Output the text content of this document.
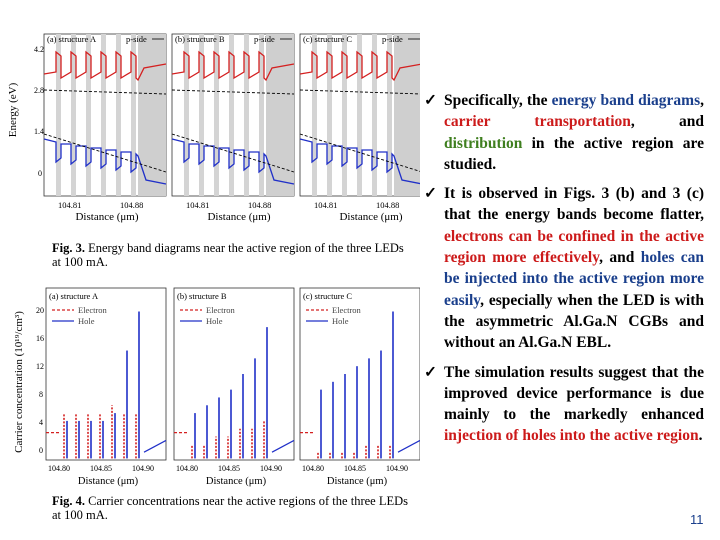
Energy (eV)
4.2
2.8
1.4
0
(a) structure A	p-side
104.81	104.88
(b) structure B	p-side
104.81	104.88
(c) structure C	p-side
104.81	104.88
Distance (μm)	Distance (μm)
Distance (μm)
Fig. 3. Energy band diagrams near the active region of the three LEDs at 100 mA.
Carrier concentration (10¹⁹/cm³)
20
16
12
8
4
0
(a) structure A
Electron
Hole
104.80	104.85	104.90
(b) structure B
Electron
Hole
104.80	104.85	104.90
(c) structure C
Electron
Hole
104.80	104.85	104.90
Distance (μm)	Distance (μm)	Distance (μm)
Fig. 4. Carrier concentrations near the active regions of the three LEDs at 100 mA.
✓ Specifically, the energy band diagrams, carrier transportation, and distribution in the active region are studied.
✓ It is observed in Figs. 3 (b) and 3 (c) that the energy bands become flatter, electrons can be confined in the active region more effectively, and holes can be injected into the active region more easily, especially when the LED is with the asymmetric Al.Ga.N CGBs and without an Al.Ga.N EBL.
✓ The simulation results suggest that the improved device performance is due mainly to the markedly enhanced injection of holes into the active region.
11
